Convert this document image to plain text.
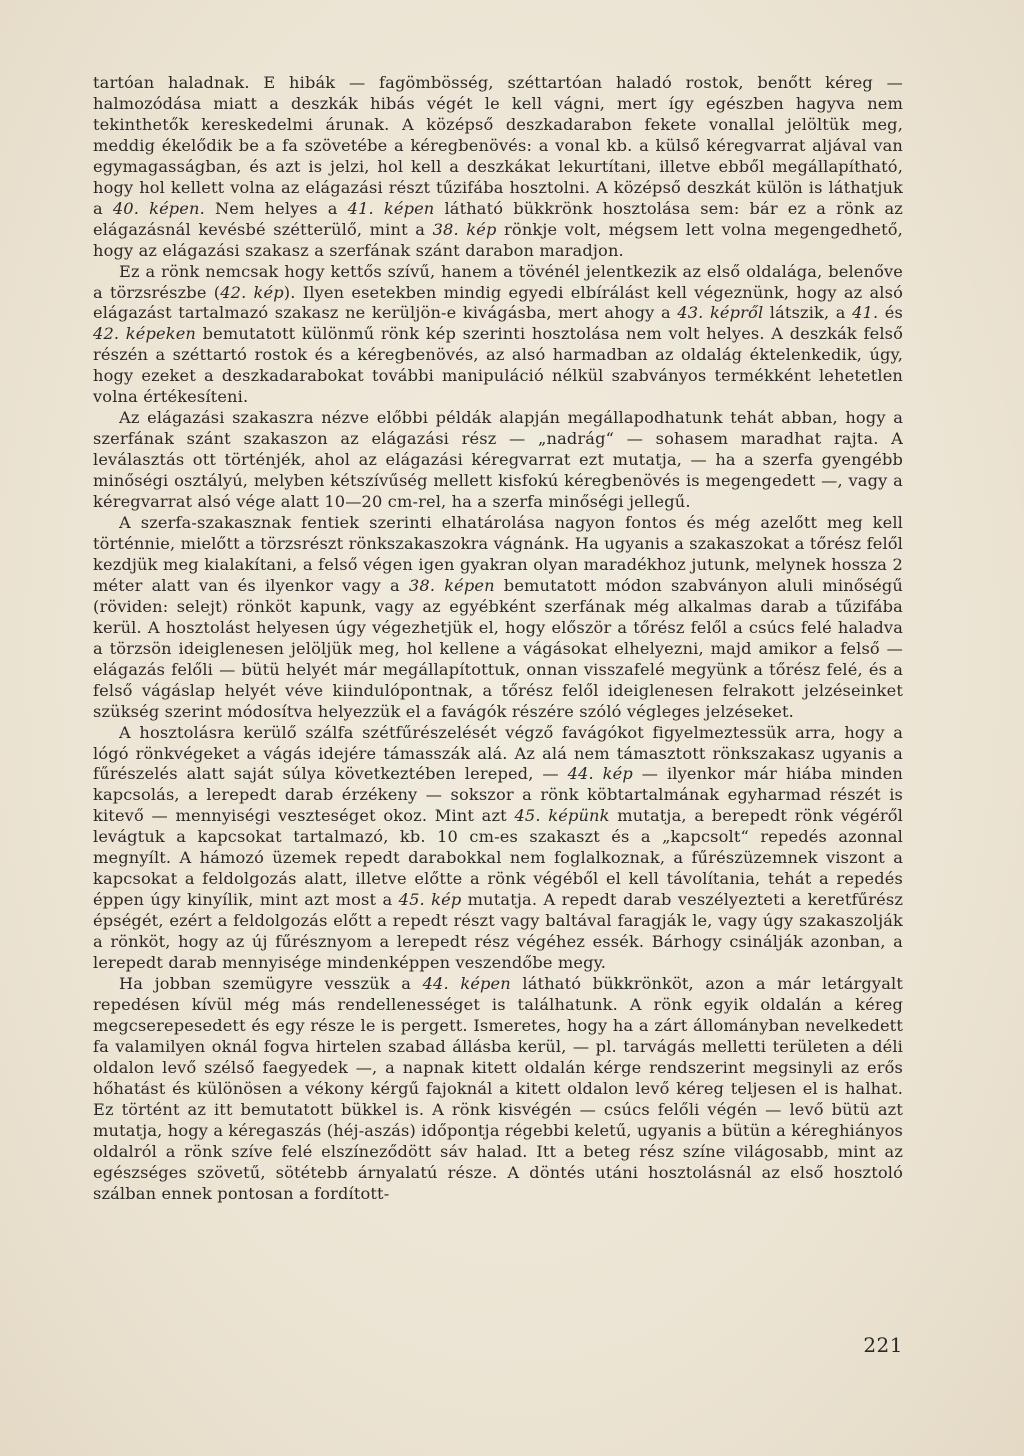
tartóan haladnak. E hibák — fagömbösség, széttartóan haladó rostok, benőtt kéreg — halmozódása miatt a deszkák hibás végét le kell vágni, mert így egészben hagyva nem tekinthetők kereskedelmi árunak. A középső deszkadarabon fekete vonallal jelöltük meg, meddig ékelődik be a fa szövetébe a kéregbenövés: a vonal kb. a külső kéregvarrat aljával van egymagasságban, és azt is jelzi, hol kell a deszkákat lekurtítani, illetve ebből megállapítható, hogy hol kellett volna az elágazási részt tűzifába hosztolni. A középső deszkát külön is láthatjuk a 40. képen. Nem helyes a 41. képen látható bükkrönk hosztolása sem: bár ez a rönk az elágazásnál kevésbé szétterülő, mint a 38. kép rönkje volt, mégsem lett volna megengedhető, hogy az elágazási szakasz a szerfának szánt darabon maradjon.

Ez a rönk nemcsak hogy kettős szívű, hanem a tövénél jelentkezik az első oldalága, belenőve a törzsrészbe (42. kép). Ilyen esetekben mindig egyedi elbírálást kell végeznünk, hogy az alsó elágazást tartalmazó szakasz ne kerüljön-e kivágásba, mert ahogy a 43. képről látszik, a 41. és 42. képeken bemutatott különmű rönk kép szerinti hosztolása nem volt helyes. A deszkák felső részén a széttartó rostok és a kéregbenövés, az alsó harmadban az oldalág éktelenkedik, úgy, hogy ezeket a deszkadarabokat további manipuláció nélkül szabványos termékként lehetetlen volna értékesíteni.

Az elágazási szakaszra nézve előbbi példák alapján megállapodhatunk tehát abban, hogy a szerfának szánt szakaszon az elágazási rész — „nadrág“ — sohasem maradhat rajta. A leválasztás ott történjék, ahol az elágazási kéregvarrat ezt mutatja, — ha a szerfa gyengébb minőségi osztályú, melyben kétszívűség mellett kisfokú kéregbenövés is megengedett —, vagy a kéregvarrat alsó vége alatt 10—20 cm-rel, ha a szerfa minőségi jellegű.

A szerfa-szakasznak fentiek szerinti elhatárolása nagyon fontos és még azelőtt meg kell történnie, mielőtt a törzsrészt rönkszakaszokra vágnánk. Ha ugyanis a szakaszokat a tőrész felől kezdjük meg kialakítani, a felső végen igen gyakran olyan maradékhoz jutunk, melynek hossza 2 méter alatt van és ilyenkor vagy a 38. képen bemutatott módon szabványon aluli minőségű (röviden: selejt) rönköt kapunk, vagy az egyébként szerfának még alkalmas darab a tűzifába kerül. A hosztolást helyesen úgy végezhetjük el, hogy először a tőrész felől a csúcs felé haladva a törzsön ideiglenesen jelöljük meg, hol kellene a vágásokat elhelyezni, majd amikor a felső — elágazás felőli — bütü helyét már megállapítottuk, onnan visszafelé megyünk a tőrész felé, és a felső vágáslap helyét véve kiindulópontnak, a tőrész felől ideiglenesen felrakott jelzéseinket szükség szerint módosítva helyezzük el a favágók részére szóló végleges jelzéseket.

A hosztolásra kerülő szálfa szétfűrészelését végző favágókot figyelmeztessük arra, hogy a lógó rönkvégeket a vágás idejére támasszák alá. Az alá nem támasztott rönkszakasz ugyanis a fűrészelés alatt saját súlya következtében lereped, — 44. kép — ilyenkor már hiába minden kapcsolás, a lerepedt darab érzékeny — sokszor a rönk köbtartalmának egyharmad részét is kitevő — mennyiségi veszteséget okoz. Mint azt 45. képünk mutatja, a berepedt rönk végéről levágtuk a kapcsokat tartalmazó, kb. 10 cm-es szakaszt és a „kapcsolt“ repedés azonnal megnyílt. A hámozó üzemek repedt darabokkal nem foglalkoznak, a fűrészüzemnek viszont a kapcsokat a feldolgozás alatt, illetve előtte a rönk végéből el kell távolítania, tehát a repedés éppen úgy kinyílik, mint azt most a 45. kép mutatja. A repedt darab veszélyezteti a keretfűrész épségét, ezért a feldolgozás előtt a repedt részt vagy baltával faragják le, vagy úgy szakaszolják a rönköt, hogy az új fűrésznyom a lerepedt rész végéhez essék. Bárhogy csinálják azonban, a lerepedt darab mennyisége mindenképpen veszendőbe megy.

Ha jobban szemügyre vesszük a 44. képen látható bükkrönköt, azon a már letárgyalt repedésen kívül még más rendellenességet is találhatunk. A rönk egyik oldalán a kéreg megcserepesedett és egy része le is pergett. Ismeretes, hogy ha a zárt állományban nevelkedett fa valamilyen oknál fogva hirtelen szabad állásba kerül, — pl. tarvágás melletti területen a déli oldalon levő szélső faegyedek —, a napnak kitett oldalán kérge rendszerint megsinyli az erős hőhatást és különösen a vékony kérgű fajoknál a kitett oldalon levő kéreg teljesen el is halhat. Ez történt az itt bemutatott bükkel is. A rönk kisvégén — csúcs felőli végén — levő bütü azt mutatja, hogy a kéregaszás (héj-aszás) időpontja régebbi keletű, ugyanis a bütün a kéreghiányos oldalról a rönk szíve felé elszíneződött sáv halad. Itt a beteg rész színe világosabb, mint az egészséges szövetű, sötétebb árnyalatú része. A döntés utáni hosztolásnál az első hosztoló szálban ennek pontosan a fordított-

221
